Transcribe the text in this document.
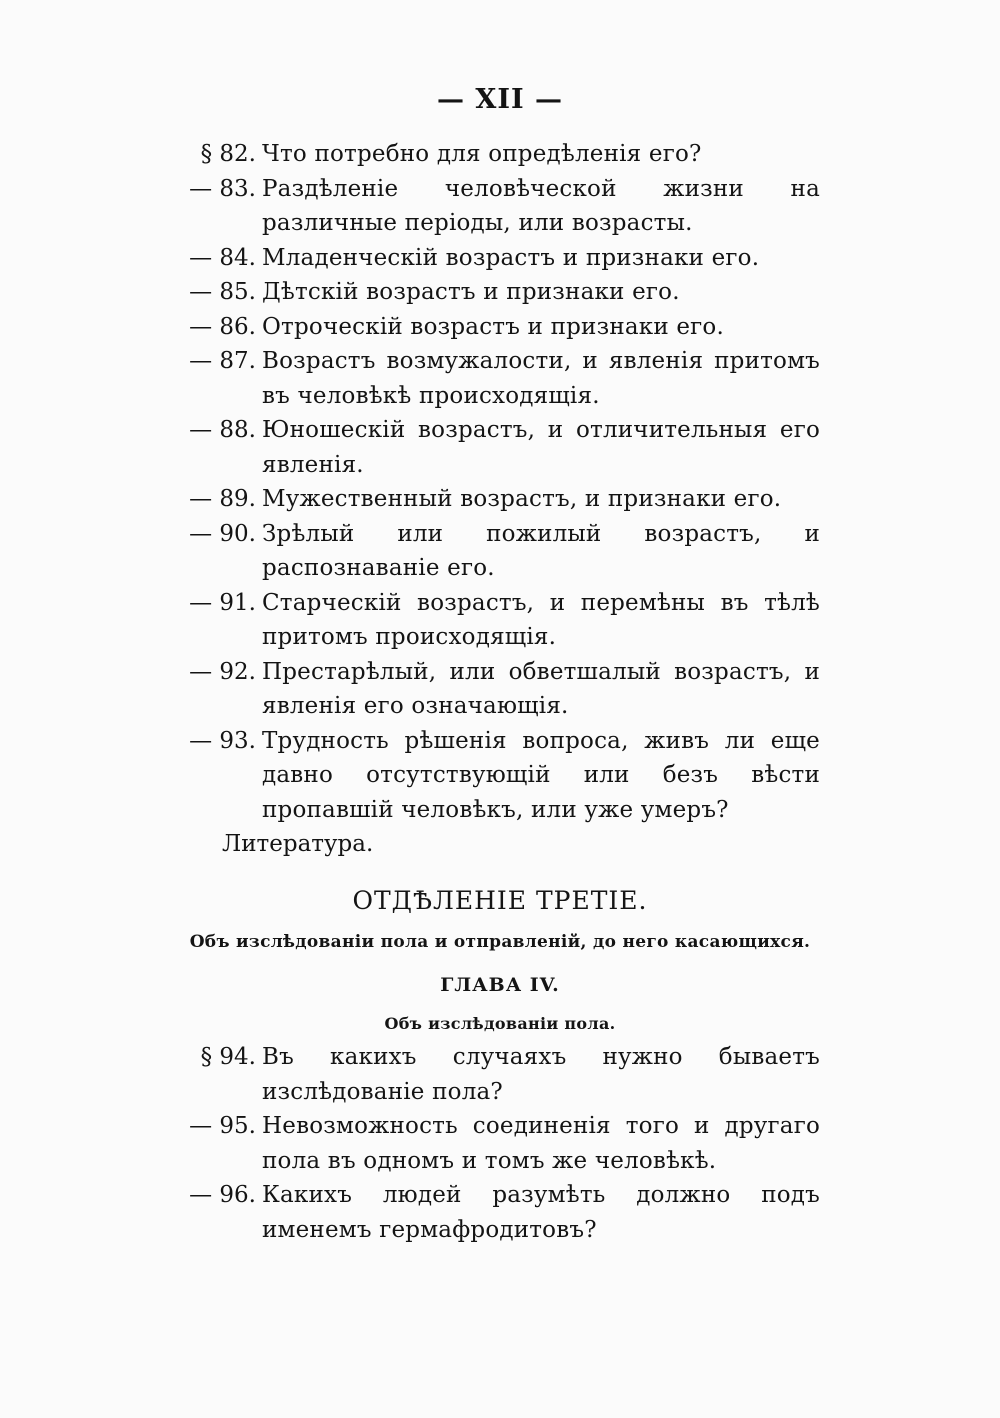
— XII —
§ 82. Что потребно для опредѣленія его?
— 83. Раздѣленіе человѣческой жизни на различные періоды, или возрасты.
— 84. Младенческій возрастъ и признаки его.
— 85. Дѣтскій возрастъ и признаки его.
— 86. Отроческій возрастъ и признаки его.
— 87. Возрастъ возмужалости, и явленія притомъ въ человѣкѣ происходящія.
— 88. Юношескій возрастъ, и отличительныя его явленія.
— 89. Мужественный возрастъ, и признаки его.
— 90. Зрѣлый или пожилый возрастъ, и распознаваніе его.
— 91. Старческій возрастъ, и перемѣны въ тѣлѣ притомъ происходящія.
— 92. Престарѣлый, или обветшалый возрастъ, и явленія его означающія.
— 93. Трудность рѣшенія вопроса, живъ ли еще давно отсутствующій или безъ вѣсти пропавшій человѣкъ, или уже умеръ?
Литература.
ОТДѢЛЕНІЕ ТРЕТІЕ.
Объ изслѣдованіи пола и отправленій, до него касающихся.
ГЛАВА IV.
Объ изслѣдованіи пола.
§ 94. Въ какихъ случаяхъ нужно бываетъ изслѣдованіе пола?
— 95. Невозможность соединенія того и другаго пола въ одномъ и томъ же человѣкѣ.
— 96. Какихъ людей разумѣть должно подъ именемъ гермафродитовъ?
